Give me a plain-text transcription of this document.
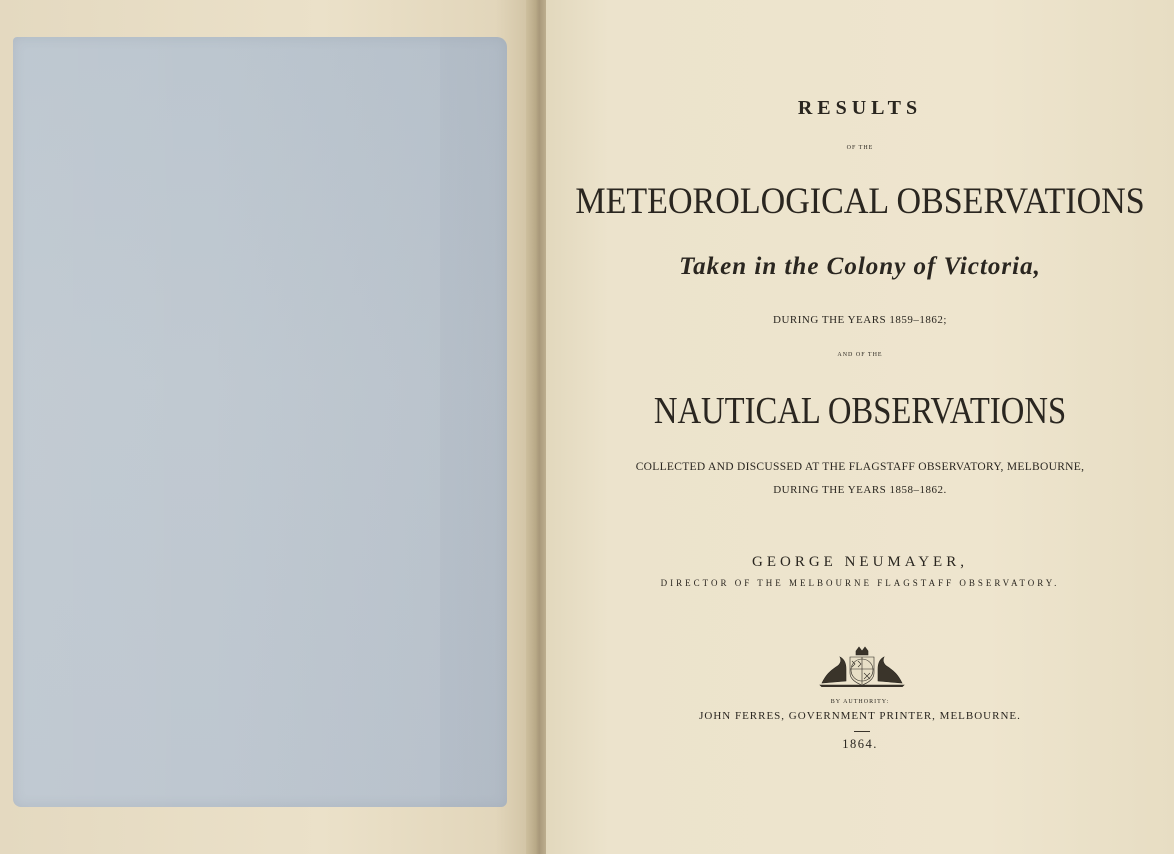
RESULTS
OF THE
METEOROLOGICAL OBSERVATIONS
Taken in the Colony of Victoria,
DURING THE YEARS 1859–1862;
AND OF THE
NAUTICAL OBSERVATIONS
COLLECTED AND DISCUSSED AT THE FLAGSTAFF OBSERVATORY, MELBOURNE,
DURING THE YEARS 1858–1862.
GEORGE NEUMAYER,
DIRECTOR OF THE MELBOURNE FLAGSTAFF OBSERVATORY.
BY AUTHORITY:
JOHN FERRES, GOVERNMENT PRINTER, MELBOURNE.
1864.
